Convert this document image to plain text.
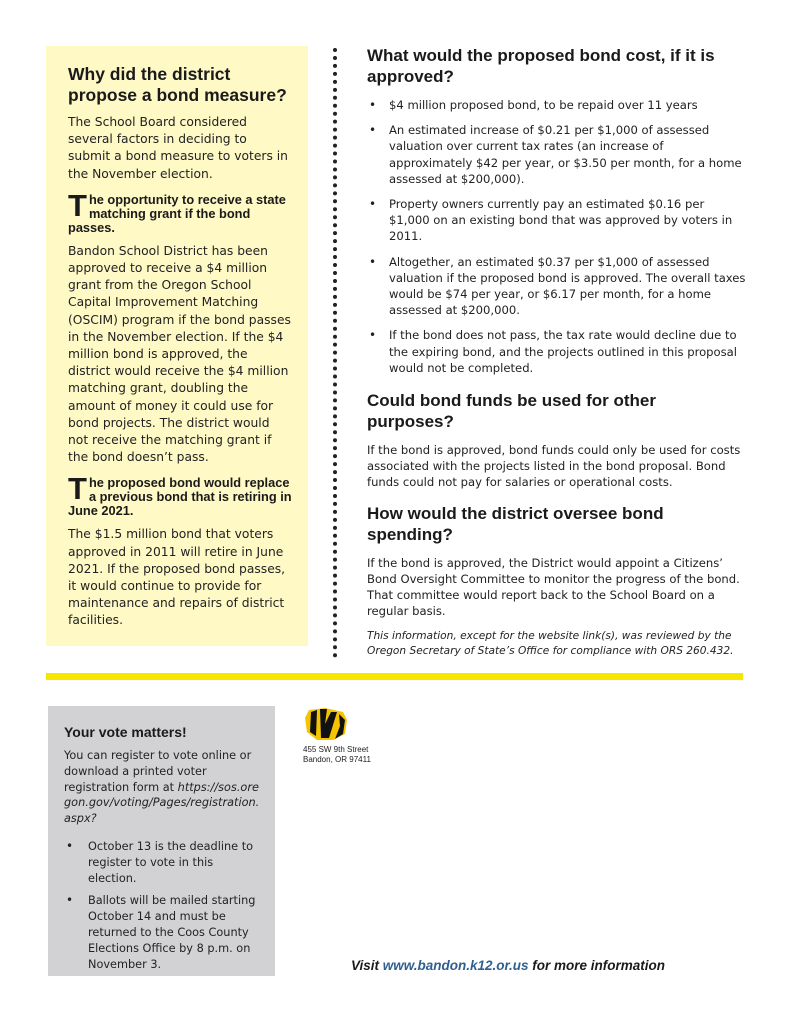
Why did the district propose a bond measure?

The School Board considered several factors in deciding to submit a bond measure to voters in the November election.

The opportunity to receive a state matching grant if the bond passes.

Bandon School District has been approved to receive a $4 million grant from the Oregon School Capital Improvement Matching (OSCIM) program if the bond passes in the November election. If the $4 million bond is approved, the district would receive the $4 million matching grant, doubling the amount of money it could use for bond projects. The district would not receive the matching grant if the bond doesn’t pass.

The proposed bond would replace a previous bond that is retiring in June 2021.

The $1.5 million bond that voters approved in 2011 will retire in June 2021. If the proposed bond passes, it would continue to provide for maintenance and repairs of district facilities.

What would the proposed bond cost, if it is approved?
• $4 million proposed bond, to be repaid over 11 years
• An estimated increase of $0.21 per $1,000 of assessed valuation over current tax rates (an increase of approximately $42 per year, or $3.50 per month, for a home assessed at $200,000).
• Property owners currently pay an estimated $0.16 per $1,000 on an existing bond that was approved by voters in 2011.
• Altogether, an estimated $0.37 per $1,000 of assessed valuation if the proposed bond is approved. The overall taxes would be $74 per year, or $6.17 per month, for a home assessed at $200,000.
• If the bond does not pass, the tax rate would decline due to the expiring bond, and the projects outlined in this proposal would not be completed.
Could bond funds be used for other purposes?

If the bond is approved, bond funds could only be used for costs associated with the projects listed in the bond proposal. Bond funds could not pay for salaries or operational costs.

How would the district oversee bond spending?

If the bond is approved, the District would appoint a Citizens’ Bond Oversight Committee to monitor the progress of the bond. That committee would report back to the School Board on a regular basis.

This information, except for the website link(s), was reviewed by the Oregon Secretary of State’s Office for compliance with ORS 260.432.

Your vote matters!

You can register to vote online or download a printed voter registration form at https://sos.oregon.gov/voting/Pages/registration.aspx?

• October 13 is the deadline to register to vote in this election.
• Ballots will be mailed starting October 14 and must be returned to the Coos County Elections Office by 8 p.m. on November 3.
455 SW 9th Street
Bandon, OR 97411
Visit www.bandon.k12.or.us for more information
